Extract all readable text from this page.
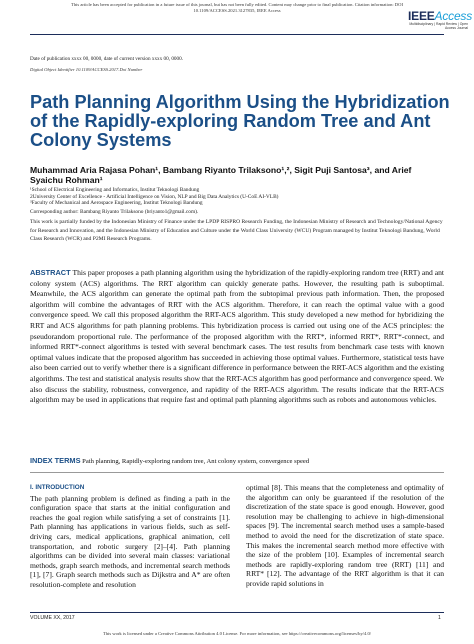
This article has been accepted for publication in a future issue of this journal, but has not been fully edited. Content may change prior to final publication. Citation information: DOI
10.1109/ACCESS.2021.3127835, IEEE Access	IEEEAccess
Multidisciplinary | Rapid Review | Open Access Journal
Date of publication xxxx 00, 0000, date of current version xxxx 00, 0000.
Digital Object Identifier 10.1109/ACCESS.2017.Doi Number
Path Planning Algorithm Using the Hybridization of the Rapidly-exploring Random Tree and Ant Colony Systems
Muhammad Aria Rajasa Pohan¹, Bambang Riyanto Trilaksono¹,², Sigit Puji Santosa³, and Arief Syaichu Rohman¹
¹School of Electrical Engineering and Informatics, Institut Teknologi Bandung
2University Center of Excellence - Artificial Intelligence on Vision, NLP and Big Data Analytics (U-CoE AI-VLB)
³Faculty of Mechanical and Aerospace Engineering, Institut Teknologi Bandung
Corresponding author: Bambang Riyanto Trilaksono (briyanto1@gmail.com).
This work is partially funded by the Indonesian Ministry of Finance under the LPDP RISPRO Research Funding, the Indonesian Ministry of Research and Technology/National Agency for Research and Innovation, and the Indonesian Ministry of Education and Culture under the World Class University (WCU) Program managed by Institut Teknologi Bandung, World Class Research (WCR) and P2MI Research Programs.
ABSTRACT This paper proposes a path planning algorithm using the hybridization of the rapidly-exploring random tree (RRT) and ant colony system (ACS) algorithms. The RRT algorithm can quickly generate paths. However, the resulting path is suboptimal. Meanwhile, the ACS algorithm can generate the optimal path from the subtopimal previous path information. Then, the proposed algorithm will combine the advantages of RRT with the ACS algorithm. Therefore, it can reach the optimal value with a good convergence speed. We call this proposed algorithm the RRT-ACS algorithm. This study developed a new method for hybridizing the RRT and ACS algorithms for path planning problems. This hybridization process is carried out using one of the ACS principles: the pseudorandom proportional rule. The performance of the proposed algorithm with the RRT*, informed RRT*, RRT*-connect, and informed RRT*-connect algorithms is tested with several benchmark cases. The test results from benchmark case tests with known optimal values indicate that the proposed algorithm has succeeded in achieving those optimal values. Furthermore, statistical tests have also been carried out to verify whether there is a significant difference in performance between the RRT-ACS algorithm and the existing algorithms. The test and statistical analysis results show that the RRT-ACS algorithm has good performance and convergence speed. We also discuss the stability, robustness, convergence, and rapidity of the RRT-ACS algorithm. The results indicate that the RRT-ACS algorithm may be used in applications that require fast and optimal path planning algorithms such as robots and autonomous vehicles.
INDEX TERMS Path planning, Rapidly-exploring random tree, Ant colony system, convergence speed
I. INTRODUCTION

The path planning problem is defined as finding a path in the configuration space that starts at the initial configuration and reaches the goal region while satisfying a set of constraints [1]. Path planning has applications in various fields, such as self-driving cars, medical applications, graphical animation, cell transportation, and robotic surgery [2]–[4]. Path planning algorithms can be divided into several main classes: variational methods, graph search methods, and incremental search methods [1], [7]. Graph search methods such as Dijkstra and A* are often resolution-complete and resolution

optimal [8]. This means that the completeness and optimality of the algorithm can only be guaranteed if the resolution of the discretization of the state space is good enough. However, good resolution may be challenging to achieve in high-dimensional spaces [9]. The incremental search method uses a sample-based method to avoid the need for the discretization of state space. This makes the incremental search method more effective with the size of the problem [10]. Examples of incremental search methods are rapidly-exploring random tree (RRT) [11] and RRT* [12]. The advantage of the RRT algorithm is that it can provide rapid solutions in

VOLUME XX, 2017	1
This work is licensed under a Creative Commons Attribution 4.0 License. For more information, see https://creativecommons.org/licenses/by/4.0/
